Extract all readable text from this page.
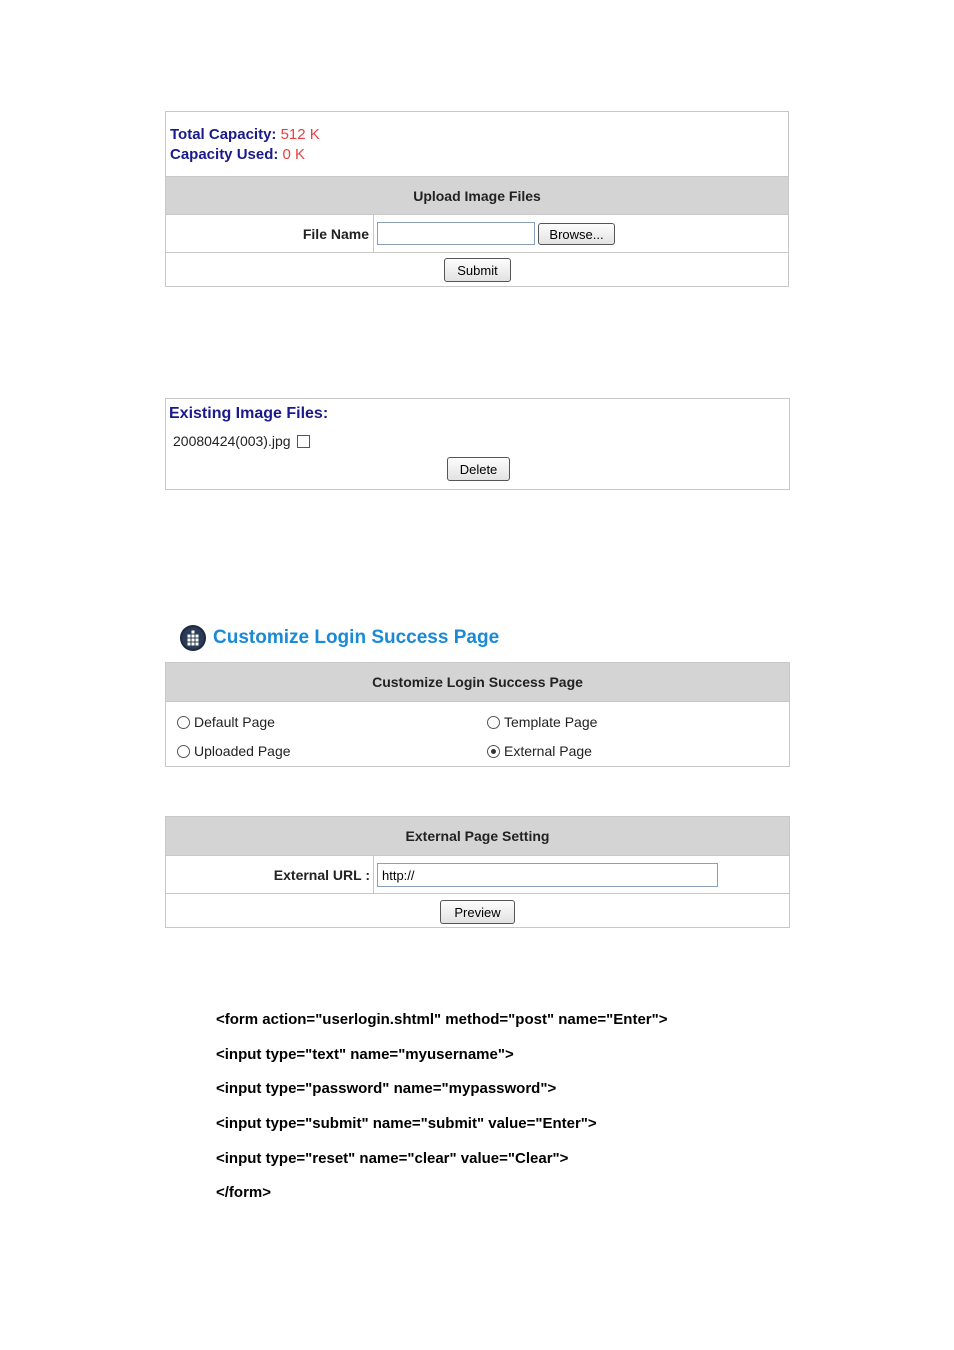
Total Capacity: 512 K
Capacity Used: 0 K
Upload Image Files
File Name	Browse...
Submit
Existing Image Files:
20080424(003).jpg
Delete
Customize Login Success Page
Customize Login Success Page
Default Page	Template Page
Uploaded Page	External Page
External Page Setting
External URL :
http://
Preview
<form action="userlogin.shtml" method="post" name="Enter">
<input type="text" name="myusername">
<input type="password" name="mypassword">
<input type="submit" name="submit" value="Enter">
<input type="reset" name="clear" value="Clear">
</form>
